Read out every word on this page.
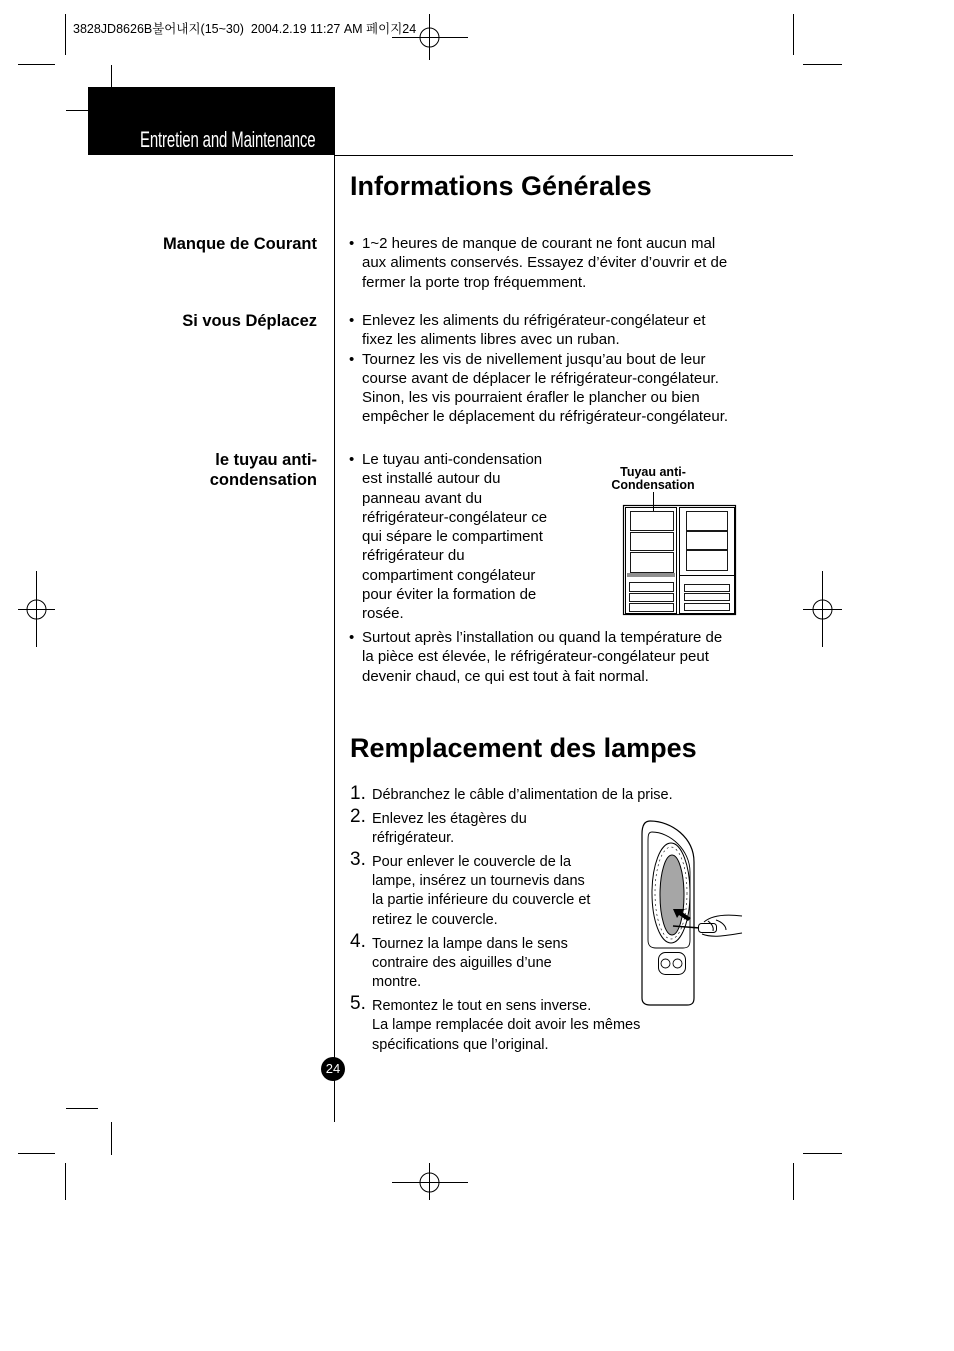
3828JD8626B불어내지(15~30)  2004.2.19 11:27 AM 페이지24
Entretien and Maintenance
Informations Générales
Manque de Courant	• 1~2 heures de manque de courant ne font aucun mal
aux aliments conservés. Essayez d’éviter d’ouvrir et de
fermer la porte trop fréquemment.
Si vous Déplacez	• Enlevez les aliments du réfrigérateur-congélateur et
fixez les aliments libres avec un ruban.
• Tournez les vis de nivellement jusqu’au bout de leur
course avant de déplacer le réfrigérateur-congélateur.
Sinon, les vis pourraient érafler le plancher ou bien
empêcher le déplacement du réfrigérateur-congélateur.
le tuyau anti-
condensation
• Le tuyau anti-condensation
est installé autour du
panneau avant du
réfrigérateur-congélateur ce
qui sépare le compartiment
réfrigérateur du
compartiment congélateur
pour éviter la formation de
rosée.
• Surtout après l’installation ou quand la température de
la pièce est élevée, le réfrigérateur-congélateur peut
devenir chaud, ce qui est tout à fait normal.
Tuyau anti-
Condensation
Remplacement des lampes
1. Débranchez le câble d’alimentation de la prise.
2. Enlevez les étagères du
réfrigérateur.
3. Pour enlever le couvercle de la
lampe, insérez un tournevis dans
la partie inférieure du couvercle et
retirez le couvercle.
4. Tournez la lampe dans le sens
contraire des aiguilles d’une
montre.
5. Remontez le tout en sens inverse.
La lampe remplacée doit avoir les mêmes
spécifications que l’original.
24
